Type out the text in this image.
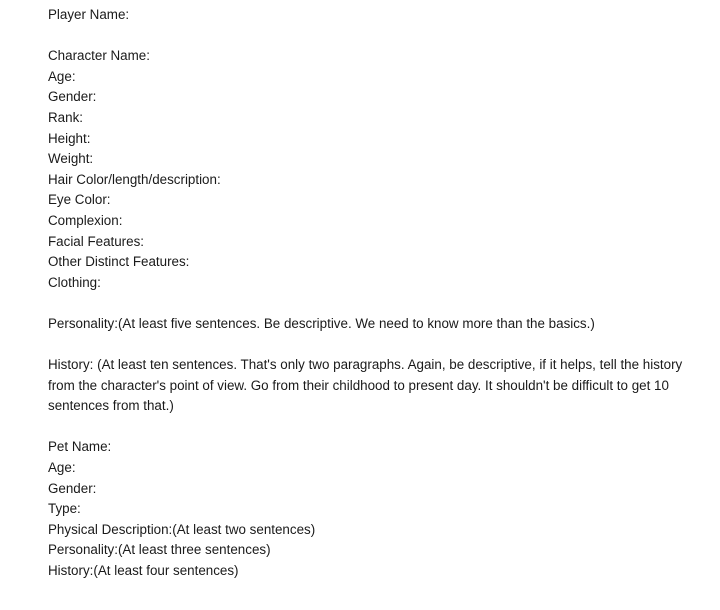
Player Name:
Character Name:
Age:
Gender:
Rank:
Height:
Weight:
Hair Color/length/description:
Eye Color:
Complexion:
Facial Features:
Other Distinct Features:
Clothing:
Personality:(At least five sentences. Be descriptive. We need to know more than the basics.)
History: (At least ten sentences. That's only two paragraphs. Again, be descriptive, if it helps, tell the history from the character's point of view. Go from their childhood to present day. It shouldn't be difficult to get 10 sentences from that.)
Pet Name:
Age:
Gender:
Type:
Physical Description:(At least two sentences)
Personality:(At least three sentences)
History:(At least four sentences)
